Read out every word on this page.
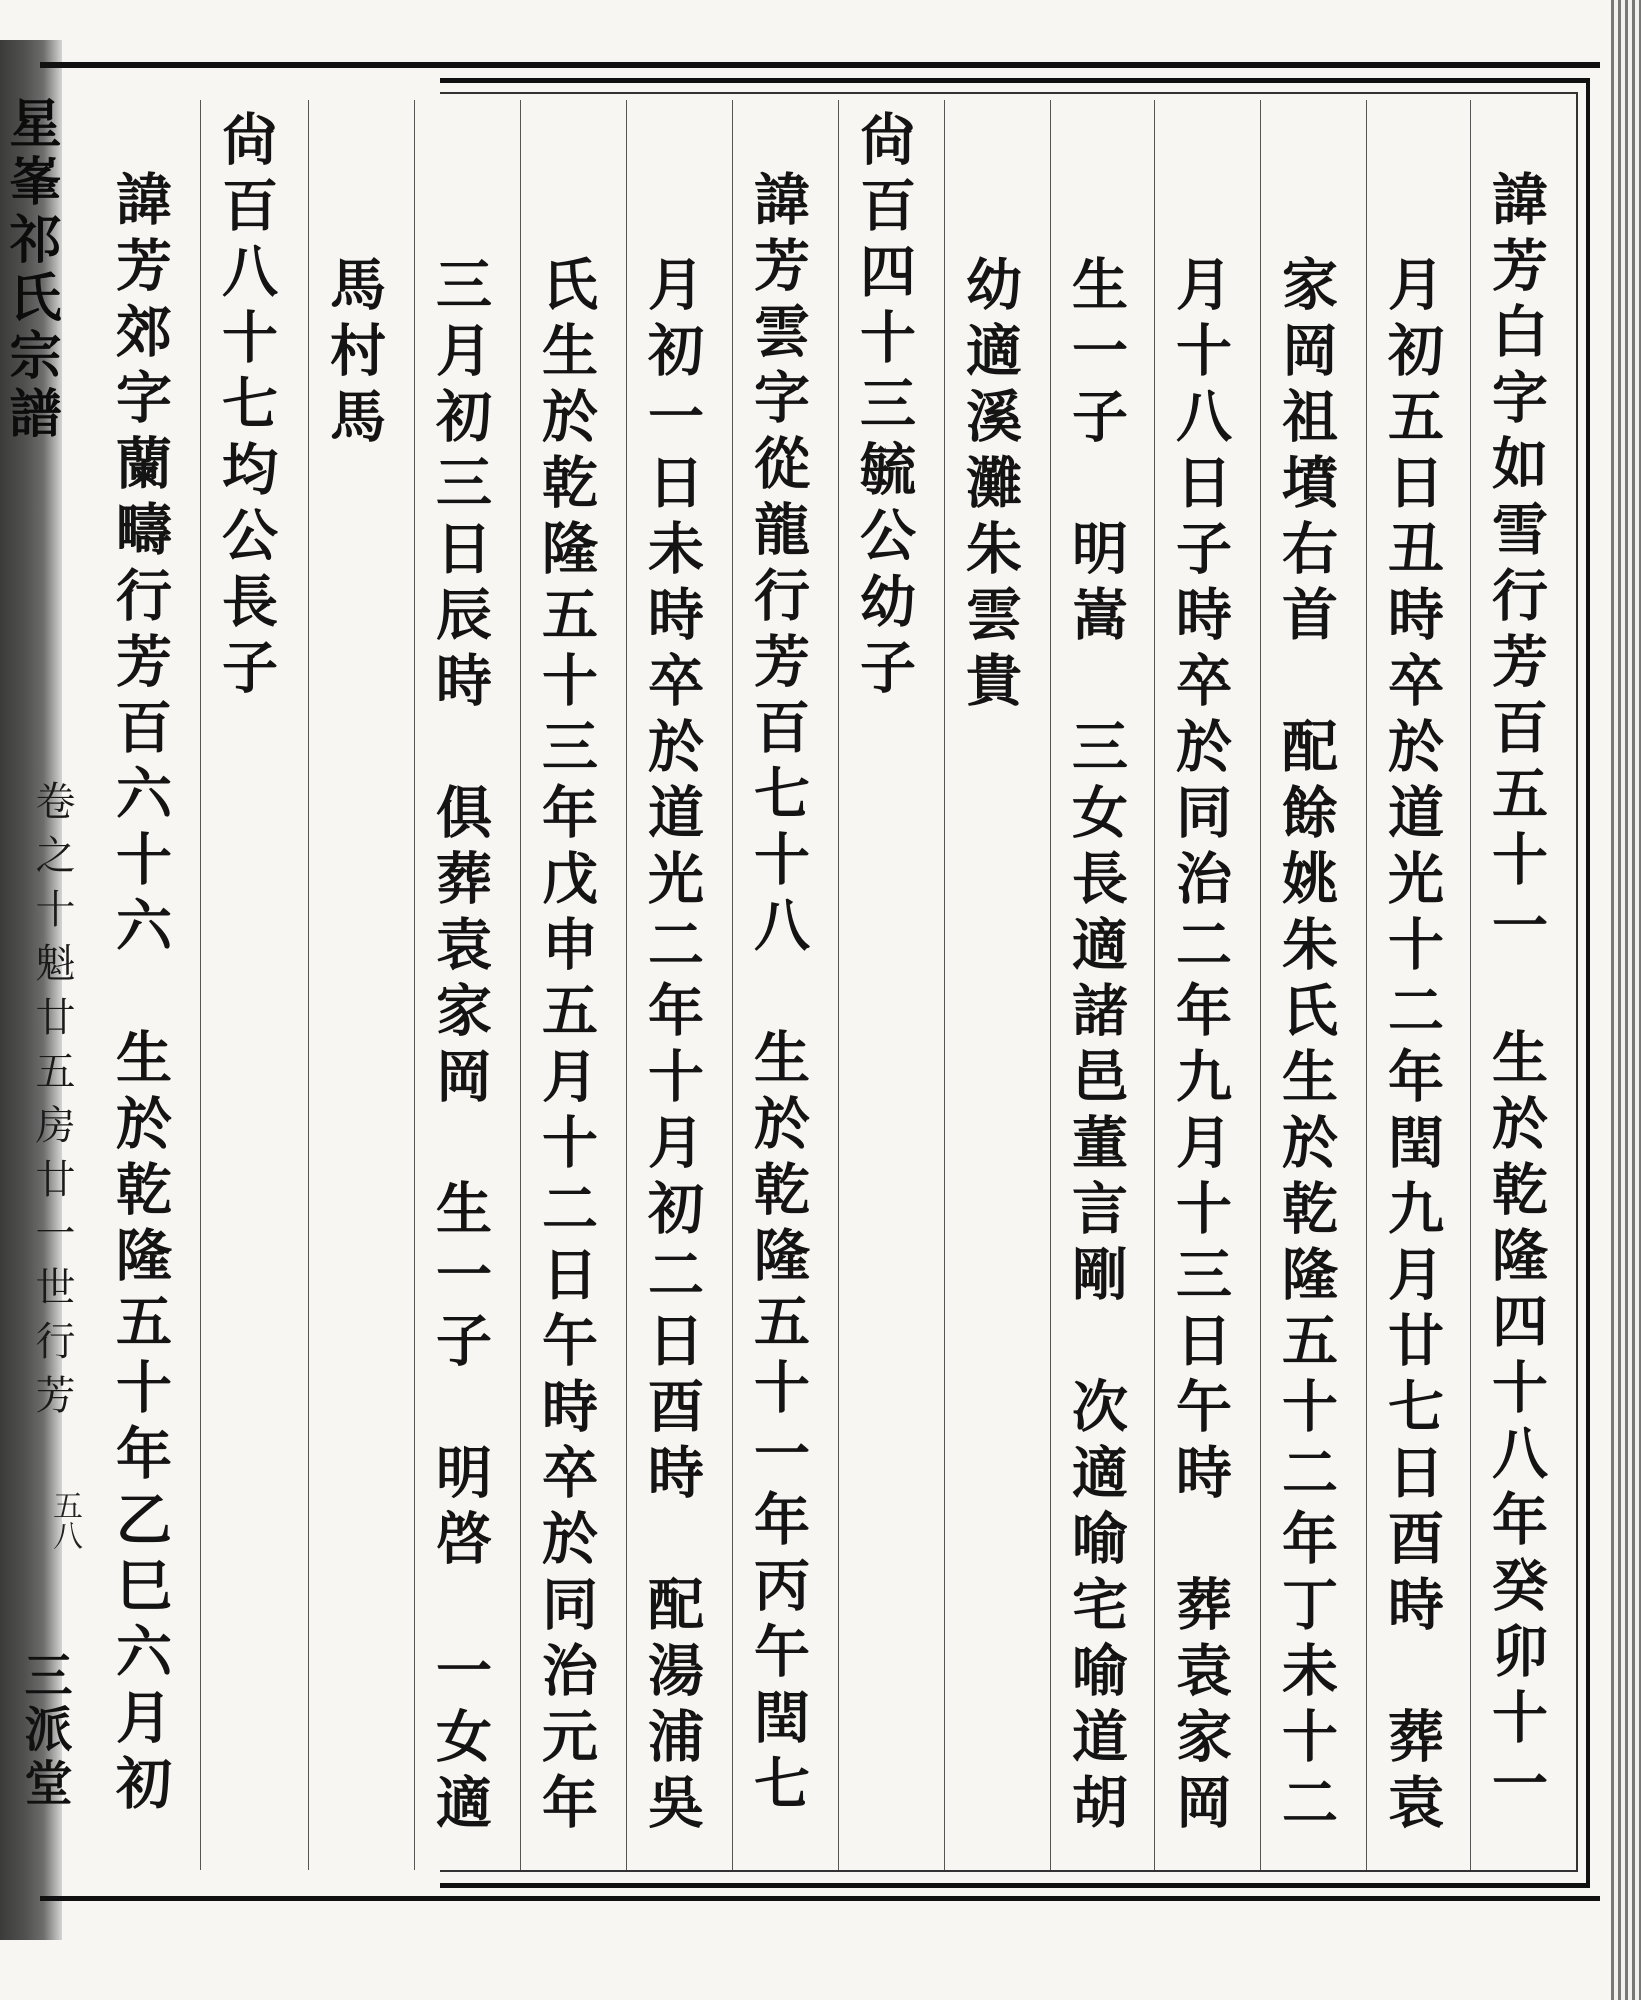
星峯祁氏宗譜
卷之十魁廿五房廿一世行芳
五八
三派堂	諱芳白字如雪行芳百五十一　生於乾隆四十八年癸卯十一
月初五日丑時卒於道光十二年閏九月廿七日酉時　葬袁
家岡祖墳右首　配餘姚朱氏生於乾隆五十二年丁未十二
月十八日子時卒於同治二年九月十三日午時　葬袁家岡
生一子　明嵩　三女長適諸邑董言剛　次適喻宅喻道胡
幼適溪灘朱雲貴
尙百四十三毓公幼子
諱芳雲字從龍行芳百七十八　生於乾隆五十一年丙午閏七
月初一日未時卒於道光二年十月初二日酉時　配湯浦吳
氏生於乾隆五十三年戊申五月十二日午時卒於同治元年
三月初三日辰時　俱葬袁家岡　生一子　明啓　一女適
馬村馬
尙百八十七均公長子
諱芳郊字蘭疇行芳百六十六　生於乾隆五十年乙巳六月初
